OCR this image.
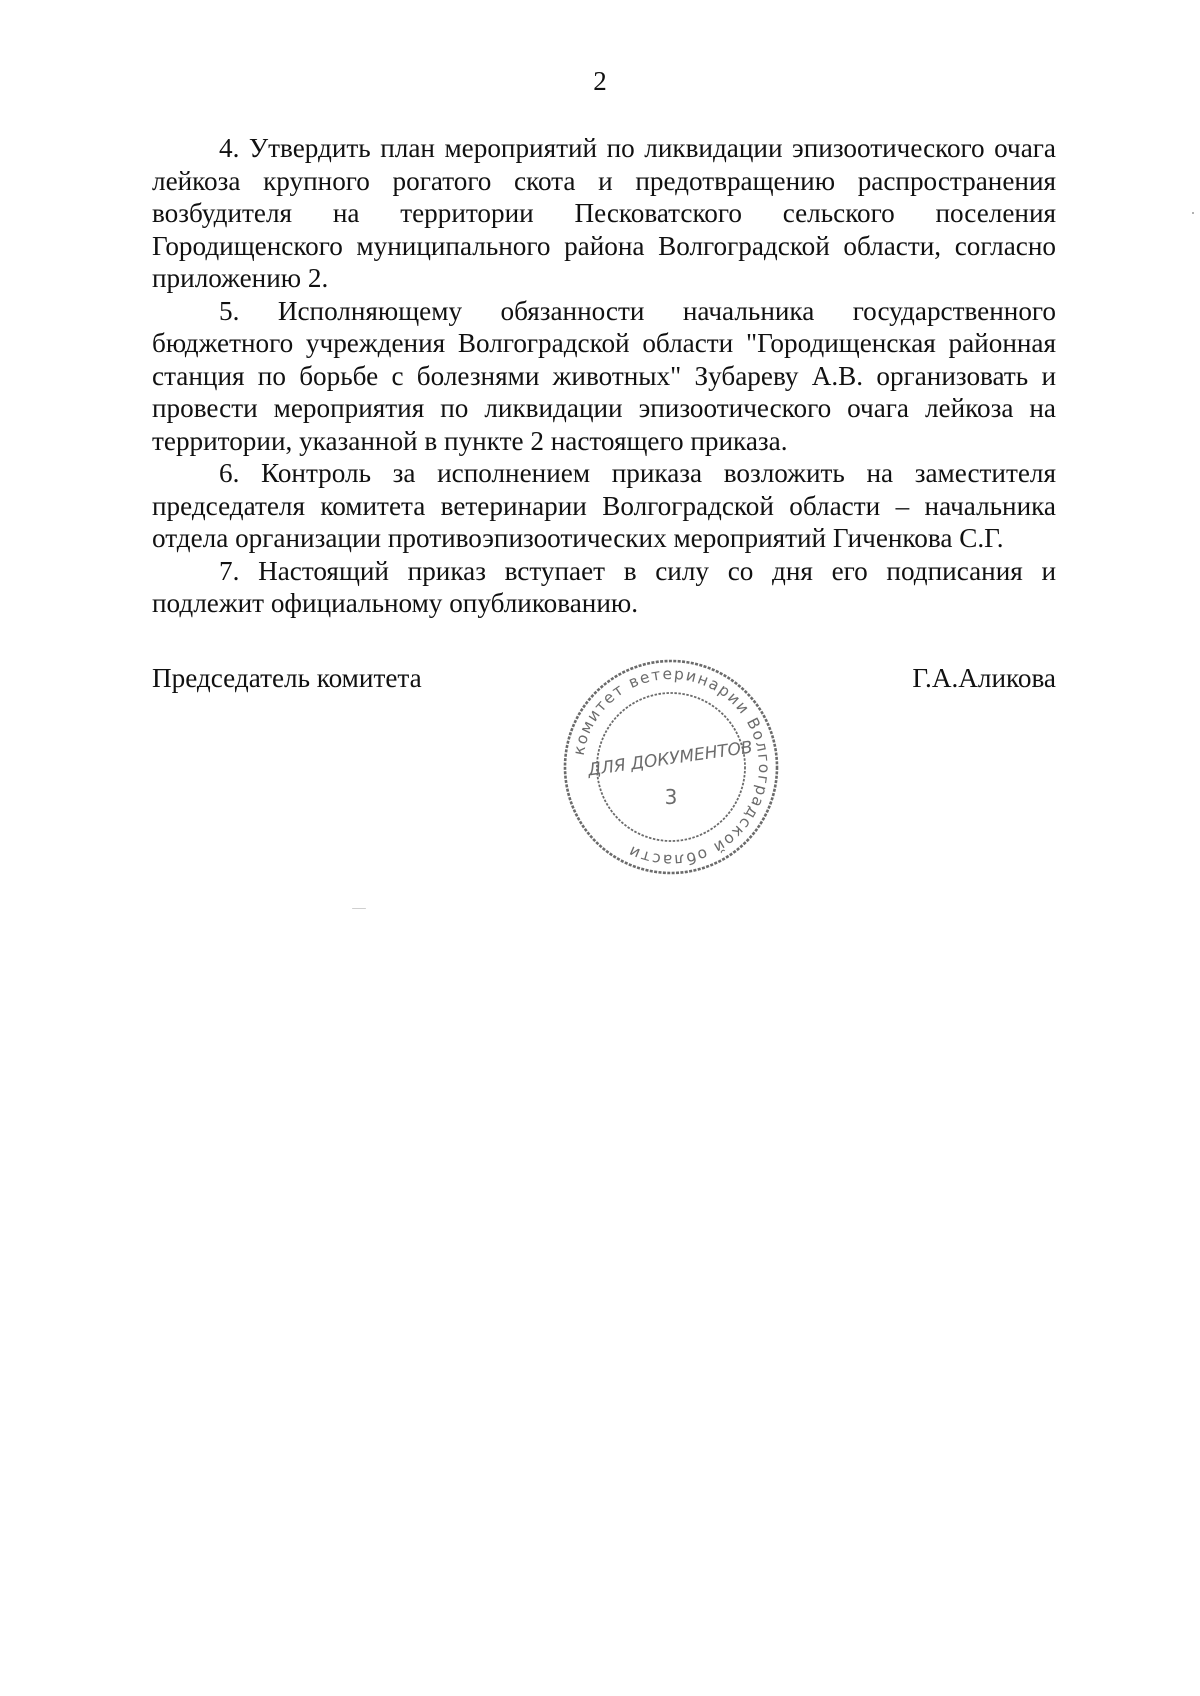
2

4. Утвердить план мероприятий по ликвидации эпизоотического очага лейкоза крупного рогатого скота и предотвращению распространения возбудителя на территории Песковатского сельского поселения Городищенского муниципального района Волгоградской области, согласно приложению 2.

5. Исполняющему обязанности начальника государственного бюджетного учреждения Волгоградской области "Городищенская районная станция по борьбе с болезнями животных" Зубареву А.В. организовать и провести мероприятия по ликвидации эпизоотического очага лейкоза на территории, указанной в пункте 2 настоящего приказа.

6. Контроль за исполнением приказа возложить на заместителя председателя комитета ветеринарии Волгоградской области – начальника отдела организации противоэпизоотических мероприятий Гиченкова С.Г.

7. Настоящий приказ вступает в силу со дня его подписания и подлежит официальному опубликованию.

Председатель комитета	Г.А.Аликова
комитет ветеринарии Волгоградской области
ДЛЯ ДОКУМЕНТОВ
3
